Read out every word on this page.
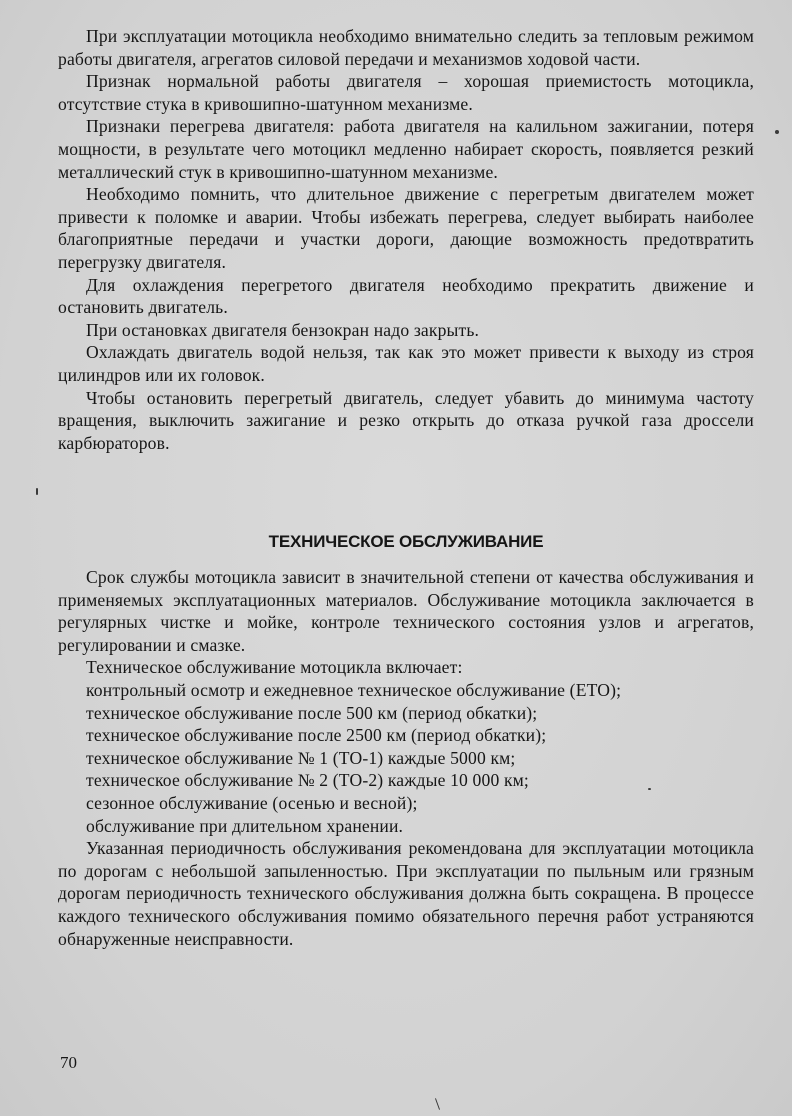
При эксплуатации мотоцикла необходимо внимательно следить за тепловым режимом работы двигателя, агрегатов силовой передачи и механизмов ходовой части.

Признак нормальной работы двигателя – хорошая приемистость мотоцикла, отсутствие стука в кривошипно-шатунном механизме.

Признаки перегрева двигателя: работа двигателя на калильном зажигании, потеря мощности, в результате чего мотоцикл медленно набирает скорость, появляется резкий металлический стук в кривошипно-шатунном механизме.

Необходимо помнить, что длительное движение с перегретым двигателем может привести к поломке и аварии. Чтобы избежать перегрева, следует выбирать наиболее благоприятные передачи и участки дороги, дающие возможность предотвратить перегрузку двигателя.

Для охлаждения перегретого двигателя необходимо прекратить движение и остановить двигатель.

При остановках двигателя бензокран надо закрыть.

Охлаждать двигатель водой нельзя, так как это может привести к выходу из строя цилиндров или их головок.

Чтобы остановить перегретый двигатель, следует убавить до минимума частоту вращения, выключить зажигание и резко открыть до отказа ручкой газа дроссели карбюраторов.

ТЕХНИЧЕСКОЕ ОБСЛУЖИВАНИЕ

Срок службы мотоцикла зависит в значительной степени от качества обслуживания и применяемых эксплуатационных материалов. Обслуживание мотоцикла заключается в регулярных чистке и мойке, контроле технического состояния узлов и агрегатов, регулировании и смазке.

Техническое обслуживание мотоцикла включает:

контрольный осмотр и ежедневное техническое обслуживание (ЕТО);
техническое обслуживание после 500 км (период обкатки);
техническое обслуживание после 2500 км (период обкатки);
техническое обслуживание № 1 (ТО-1) каждые 5000 км;
техническое обслуживание № 2 (ТО-2) каждые 10 000 км;
сезонное обслуживание (осенью и весной);
обслуживание при длительном хранении.

Указанная периодичность обслуживания рекомендована для эксплуатации мотоцикла по дорогам с небольшой запыленностью. При эксплуатации по пыльным или грязным дорогам периодичность технического обслуживания должна быть сокращена. В процессе каждого технического обслуживания помимо обязательного перечня работ устраняются обнаруженные неисправности.

70
